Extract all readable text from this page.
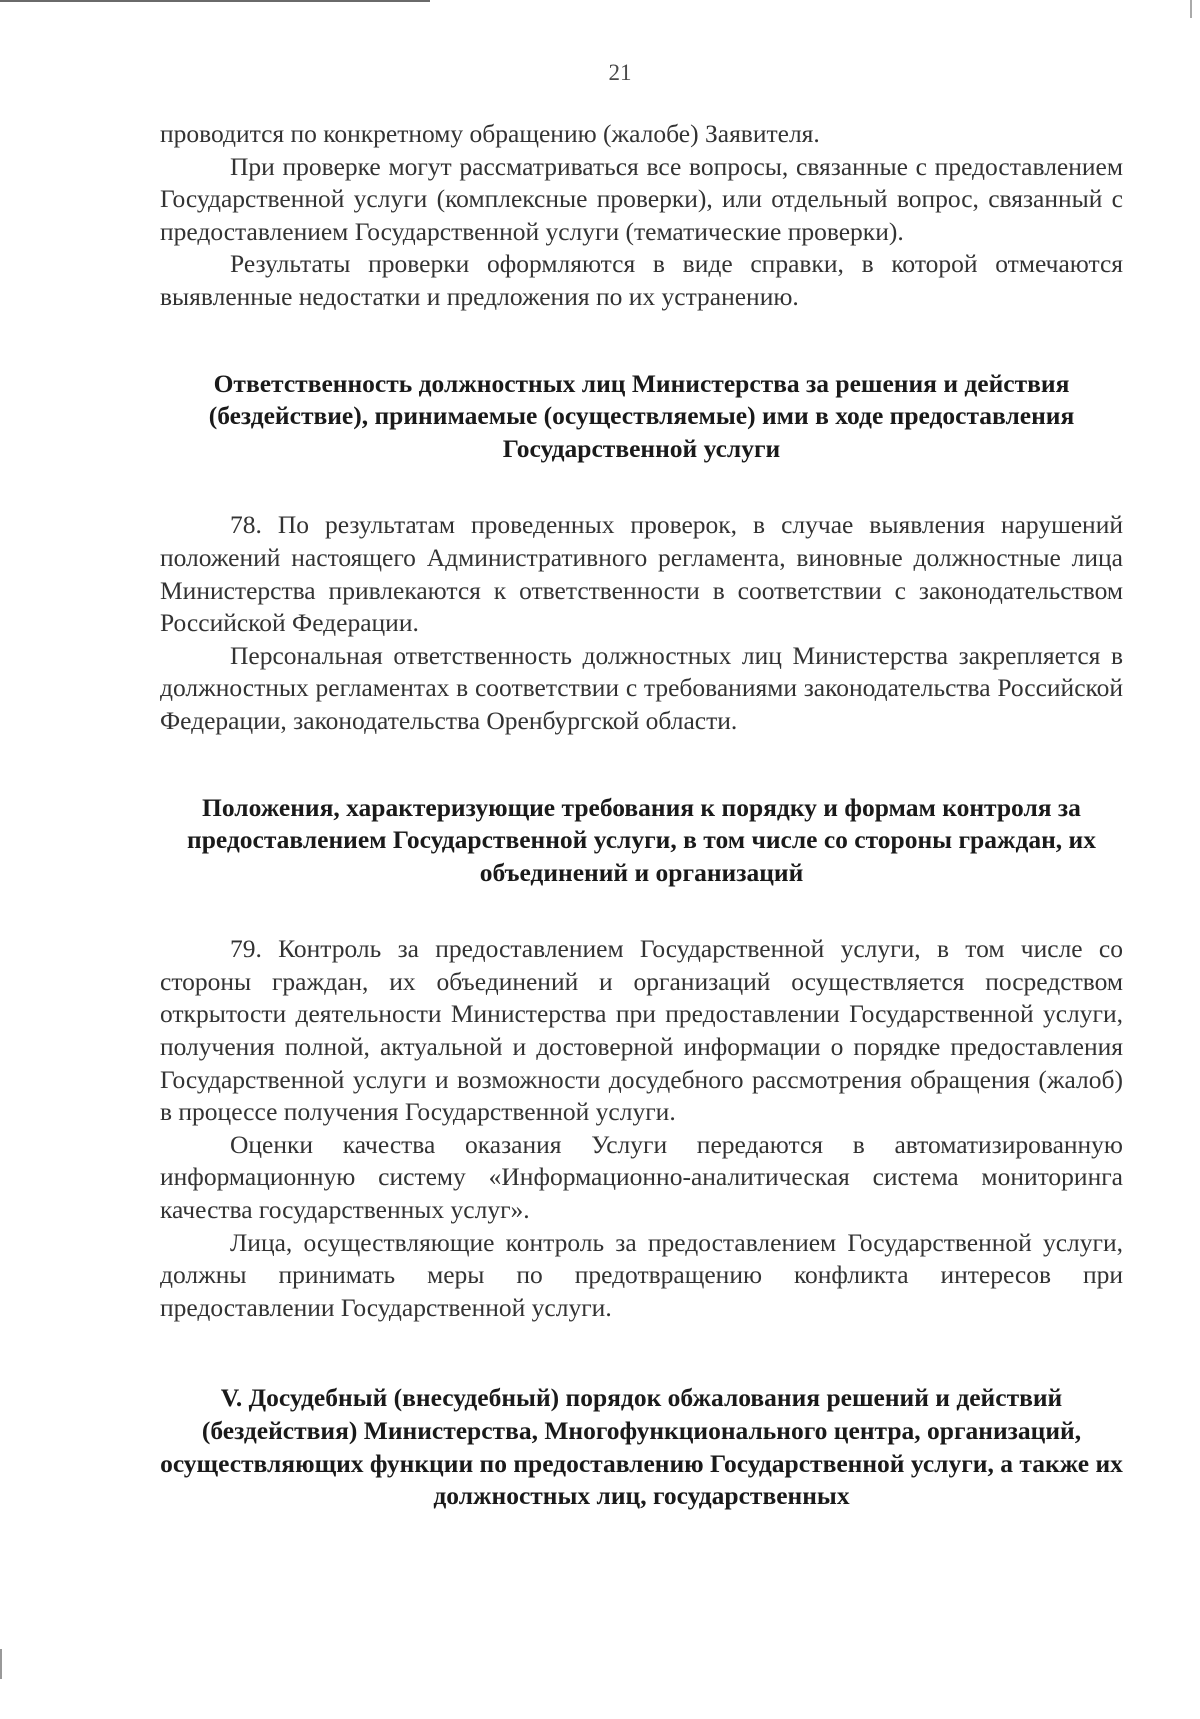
21

проводится по конкретному обращению (жалобе) Заявителя.

При проверке могут рассматриваться все вопросы, связанные с предоставлением Государственной услуги (комплексные проверки), или отдельный вопрос, связанный с предоставлением Государственной услуги (тематические проверки).

Результаты проверки оформляются в виде справки, в которой отмечаются выявленные недостатки и предложения по их устранению.

Ответственность должностных лиц Министерства за решения и действия (бездействие), принимаемые (осуществляемые) ими в ходе предоставления Государственной услуги

78. По результатам проведенных проверок, в случае выявления нарушений положений настоящего Административного регламента, виновные должностные лица Министерства привлекаются к ответственности в соответствии с законодательством Российской Федерации.

Персональная ответственность должностных лиц Министерства закрепляется в должностных регламентах в соответствии с требованиями законодательства Российской Федерации, законодательства Оренбургской области.

Положения, характеризующие требования к порядку и формам контроля за предоставлением Государственной услуги, в том числе со стороны граждан, их объединений и организаций

79. Контроль за предоставлением Государственной услуги, в том числе со стороны граждан, их объединений и организаций осуществляется посредством открытости деятельности Министерства при предоставлении Государственной услуги, получения полной, актуальной и достоверной информации о порядке предоставления Государственной услуги и возможности досудебного рассмотрения обращения (жалоб) в процессе получения Государственной услуги.

Оценки качества оказания Услуги передаются в автоматизированную информационную систему «Информационно-аналитическая система мониторинга качества государственных услуг».

Лица, осуществляющие контроль за предоставлением Государственной услуги, должны принимать меры по предотвращению конфликта интересов при предоставлении Государственной услуги.

V. Досудебный (внесудебный) порядок обжалования решений и действий (бездействия) Министерства, Многофункционального центра, организаций, осуществляющих функции по предоставлению Государственной услуги, а также их должностных лиц, государственных
